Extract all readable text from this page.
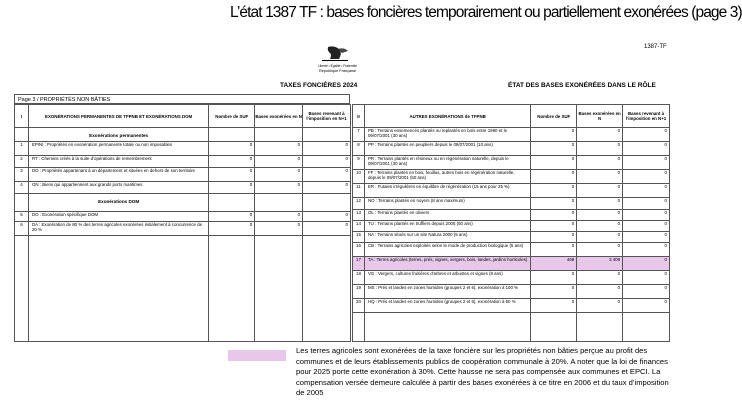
L’état 1387 TF : bases foncières temporairement ou partiellement exonérées (page 3)
1387-TF
Liberté • Égalité • Fraternité
République Française
TAXES FONCIÈRES 2024	ÉTAT DES BASES EXONÉRÉES DANS LE RÔLE
Page 3 / PROPRIÉTÉS NON BÂTIES
I	EXONÉRATIONS PERMANENTES DE TFPNB ET EXONÉRATIONS DOM	Nombre de SUF	Bases exonérées en N	Bases revenant à l’imposition en N+1
	Exonérations permanentes			
1	EPINI : Propriétés en exonération permanente totale ou non imposables	0	0	0
2	RT : Chemins créés à la suite d’opérations de remembrement	0	0	0
3	DO : Propriétés appartenant à un département et situées en dehors de son territoire	0	0	0
4	GN : Biens qui appartiennent aux grands ports maritimes	0	0	0
	Exonérations DOM			
5	DO : Exonération spécifique DOM	0	0	0
6	DA : Exonération de 80 % des terres agricoles exonérées initialement à concurrence de 20 %	0	0	0

II	AUTRES EXONÉRATIONS de TFPNB	Nombre de SUF	Bases exonérées en N	Bases revenant à l’imposition en N+1
7	PB : Terrains ensemencés plantés ou replantés en bois entre 1980 et le 09/07/2001 (30 ans)	0	0	0
8	PP : Terrains plantés en peupliers depuis le 09/07/2001 (10 ans)	0	0	0
9	PR : Terrains plantés en résineux ou en régénération naturelle, depuis le 09/07/2001 (30 ans)	0	0	0
10	FF : Terrains plantés en bois, feuillus, autres bois en régénération naturelle, depuis le 09/07/2001 (50 ans)	0	0	0
11	ER : Futaies irrégulières en équilibre de régénération (15 ans pour 25 %)	0	0	0
12	NO : Terrains plantés en noyers (8 ans maximum)	0	0	0
13	OL : Terrains plantés en oliviers	0	0	0
14	TU : Terrains plantés en truffiers depuis 2005 (50 ans)	0	0	0
15	NA : Terrains situés sur un site Natura 2000 (5 ans)	0	0	0
16	CB : Terrains agricoles exploités selon le mode de production biologique (5 ans)	0	0	0
17	TA : Terres agricoles (terres, prés, vignes, vergers, bois, landes, jardins horticoles)	469	3 408	0
18	VG : Vergers, cultures fruitières d’arbres et arbustes et vignes (8 ans)	0	0	0
19	MS : Prés et landes en zones humides (groupes 2 et 6), exonération à 100 %	0	0	0
20	HQ : Prés et landes en zones humides (groupes 2 et 6), exonération à 50 %	0	0	0

Les terres agricoles sont exonérées de la taxe foncière sur les propriétés non bâties perçue au profit des communes et de leurs établissements publics de coopération communale à 20%. A noter que la loi de finances pour 2025 porte cette exonération à 30%. Cette hausse ne sera pas compensée aux communes et EPCI. La compensation versée demeure calculée à partir des bases exonérées à ce titre en 2006 et du taux d’imposition de 2005
